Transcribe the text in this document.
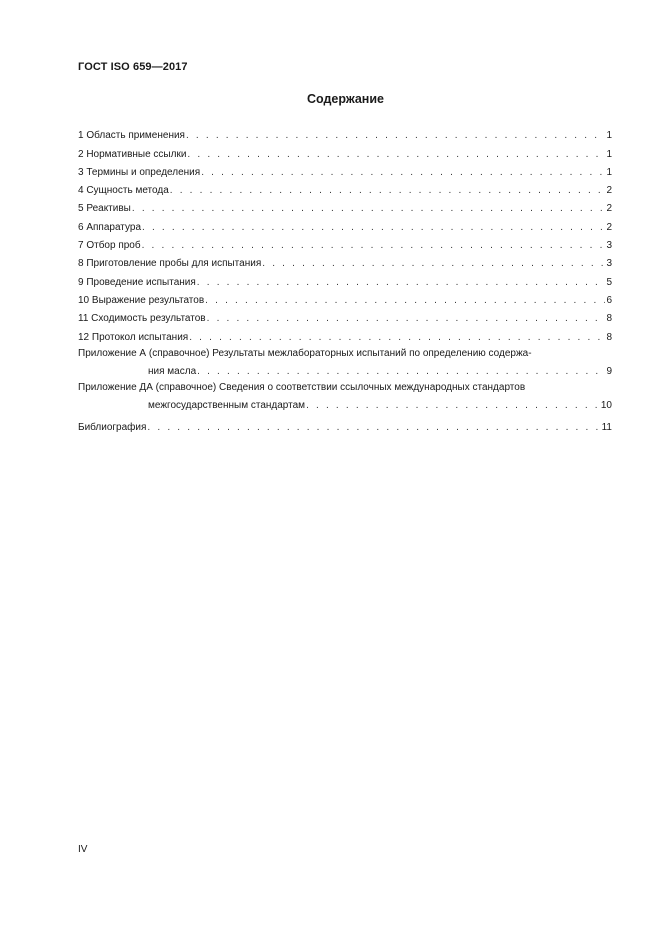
ГОСТ ISO 659—2017
Содержание
1 Область применения . . .	1
2 Нормативные ссылки . . .	1
3 Термины и определения . . .	1
4 Сущность метода . . .	2
5 Реактивы . . .	2
6 Аппаратура . . .	2
7 Отбор проб . . .	3
8 Приготовление пробы для испытания . . .	3
9 Проведение испытания . . .	5
10 Выражение результатов . . .	6
11 Сходимость результатов . . .	8
12 Протокол испытания . . .	8
Приложение А (справочное) Результаты межлабораторных испытаний по определению содержа-
ния масла . . .	9
Приложение ДА (справочное) Сведения о соответствии ссылочных международных стандартов
межгосударственным стандартам . . .	10
Библиография . . .	11
IV
